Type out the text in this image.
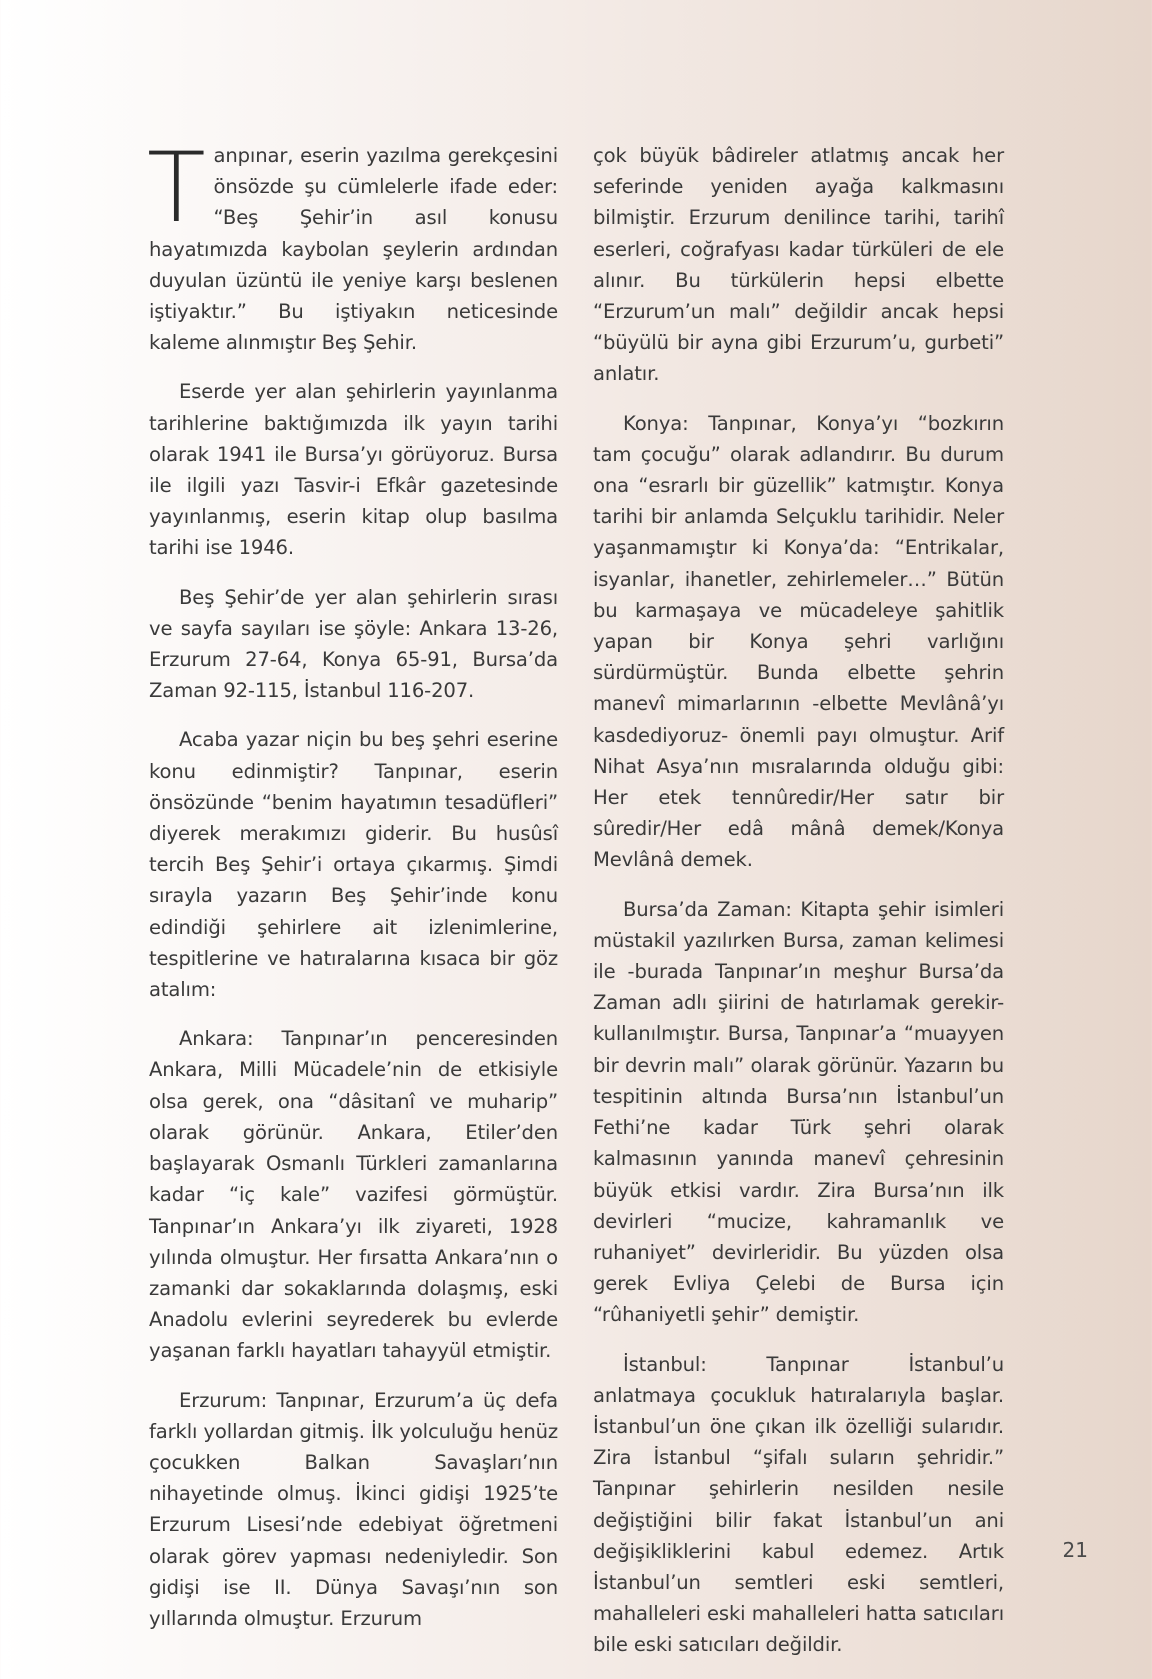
Tanpınar, eserin yazılma gerekçesini önsözde şu cümlelerle ifade eder: “Beş Şehir’in asıl konusu hayatımızda kaybolan şeylerin ardından duyulan üzüntü ile yeniye karşı beslenen iştiyaktır.” Bu iştiyakın neticesinde kaleme alınmıştır Beş Şehir.

Eserde yer alan şehirlerin yayınlanma tarihlerine baktığımızda ilk yayın tarihi olarak 1941 ile Bursa’yı görüyoruz. Bursa ile ilgili yazı Tasvir-i Efkâr gazetesinde yayınlanmış, eserin kitap olup basılma tarihi ise 1946.

Beş Şehir’de yer alan şehirlerin sırası ve sayfa sayıları ise şöyle: Ankara 13-26, Erzurum 27-64, Konya 65-91, Bursa’da Zaman 92-115, İstanbul 116-207.

Acaba yazar niçin bu beş şehri eserine konu edinmiştir? Tanpınar, eserin önsözünde “benim hayatımın tesadüfleri” diyerek merakımızı giderir. Bu husûsî tercih Beş Şehir’i ortaya çıkarmış. Şimdi sırayla yazarın Beş Şehir’inde konu edindiği şehirlere ait izlenimlerine, tespitlerine ve hatıralarına kısaca bir göz atalım:

Ankara: Tanpınar’ın penceresinden Ankara, Milli Mücadele’nin de etkisiyle olsa gerek, ona “dâsitanî ve muharip” olarak görünür. Ankara, Etiler’den başlayarak Osmanlı Türkleri zamanlarına kadar “iç kale” vazifesi görmüştür. Tanpınar’ın Ankara’yı ilk ziyareti, 1928 yılında olmuştur. Her fırsatta Ankara’nın o zamanki dar sokaklarında dolaşmış, eski Anadolu evlerini seyrederek bu evlerde yaşanan farklı hayatları tahayyül etmiştir.

Erzurum: Tanpınar, Erzurum’a üç defa farklı yollardan gitmiş. İlk yolculuğu henüz çocukken Balkan Savaşları’nın nihayetinde olmuş. İkinci gidişi 1925’te Erzurum Lisesi’nde edebiyat öğretmeni olarak görev yapması nedeniyledir. Son gidişi ise II. Dünya Savaşı’nın son yıllarında olmuştur. Erzurum

çok büyük bâdireler atlatmış ancak her seferinde yeniden ayağa kalkmasını bilmiştir. Erzurum denilince tarihi, tarihî eserleri, coğrafyası kadar türküleri de ele alınır. Bu türkülerin hepsi elbette “Erzurum’un malı” değildir ancak hepsi “büyülü bir ayna gibi Erzurum’u, gurbeti” anlatır.

Konya: Tanpınar, Konya’yı “bozkırın tam çocuğu” olarak adlandırır. Bu durum ona “esrarlı bir güzellik” katmıştır. Konya tarihi bir anlamda Selçuklu tarihidir. Neler yaşanmamıştır ki Konya’da: “Entrikalar, isyanlar, ihanetler, zehirlemeler…” Bütün bu karmaşaya ve mücadeleye şahitlik yapan bir Konya şehri varlığını sürdürmüştür. Bunda elbette şehrin manevî mimarlarının -elbette Mevlânâ’yı kasdediyoruz- önemli payı olmuştur. Arif Nihat Asya’nın mısralarında olduğu gibi: Her etek tennûredir/Her satır bir sûredir/Her edâ mânâ demek/Konya Mevlânâ demek.

Bursa’da Zaman: Kitapta şehir isimleri müstakil yazılırken Bursa, zaman kelimesi ile -burada Tanpınar’ın meşhur Bursa’da Zaman adlı şiirini de hatırlamak gerekir-kullanılmıştır. Bursa, Tanpınar’a “muayyen bir devrin malı” olarak görünür. Yazarın bu tespitinin altında Bursa’nın İstanbul’un Fethi’ne kadar Türk şehri olarak kalmasının yanında manevî çehresinin büyük etkisi vardır. Zira Bursa’nın ilk devirleri “mucize, kahramanlık ve ruhaniyet” devirleridir. Bu yüzden olsa gerek Evliya Çelebi de Bursa için “rûhaniyetli şehir” demiştir.

İstanbul: Tanpınar İstanbul’u anlatmaya çocukluk hatıralarıyla başlar. İstanbul’un öne çıkan ilk özelliği sularıdır. Zira İstanbul “şifalı suların şehridir.” Tanpınar şehirlerin nesilden nesile değiştiğini bilir fakat İstanbul’un ani değişikliklerini kabul edemez. Artık İstanbul’un semtleri eski semtleri, mahalleleri eski mahalleleri hatta satıcıları bile eski satıcıları değildir.

21
